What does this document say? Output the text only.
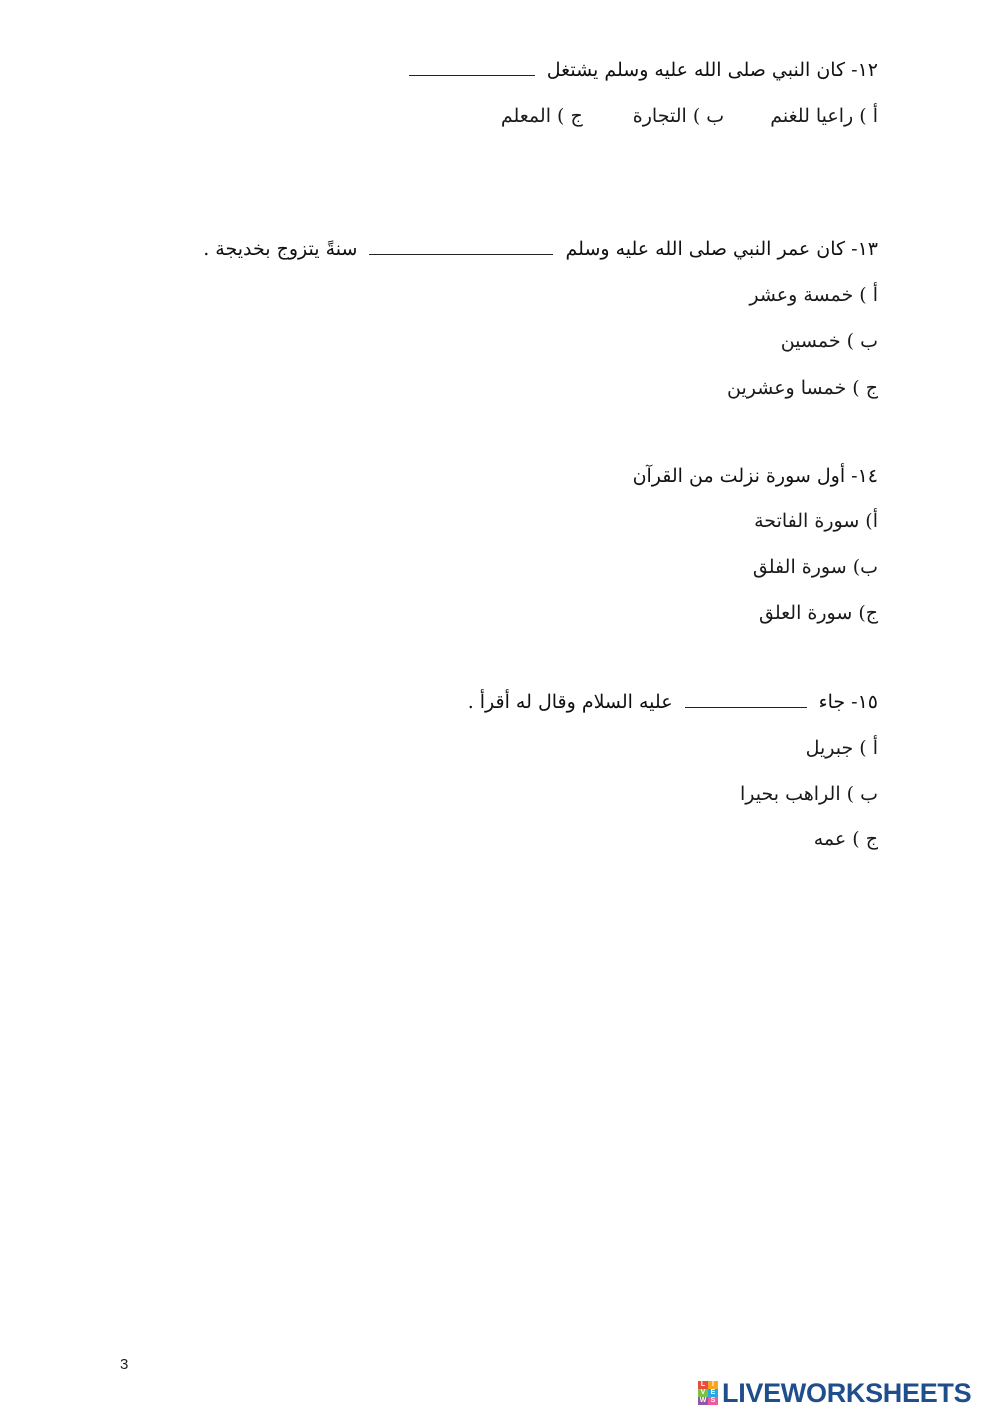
١٢- كان النبي صلى الله عليه وسلم يشتغل
أ ) راعيا للغنم ب ) التجارة ج ) المعلم
١٣- كان عمر النبي صلى الله عليه وسلم  سنةً يتزوج بخديجة .
أ ) خمسة وعشر
ب ) خمسين
ج ) خمسا وعشرين
١٤- أول سورة نزلت من القرآن
أ) سورة الفاتحة
ب) سورة الفلق
ج) سورة العلق
١٥- جاء  عليه السلام وقال له أقرأ .
أ ) جبريل
ب ) الراهب بحيرا
ج ) عمه
3
L I
V E
W S LIVEWORKSHEETS
